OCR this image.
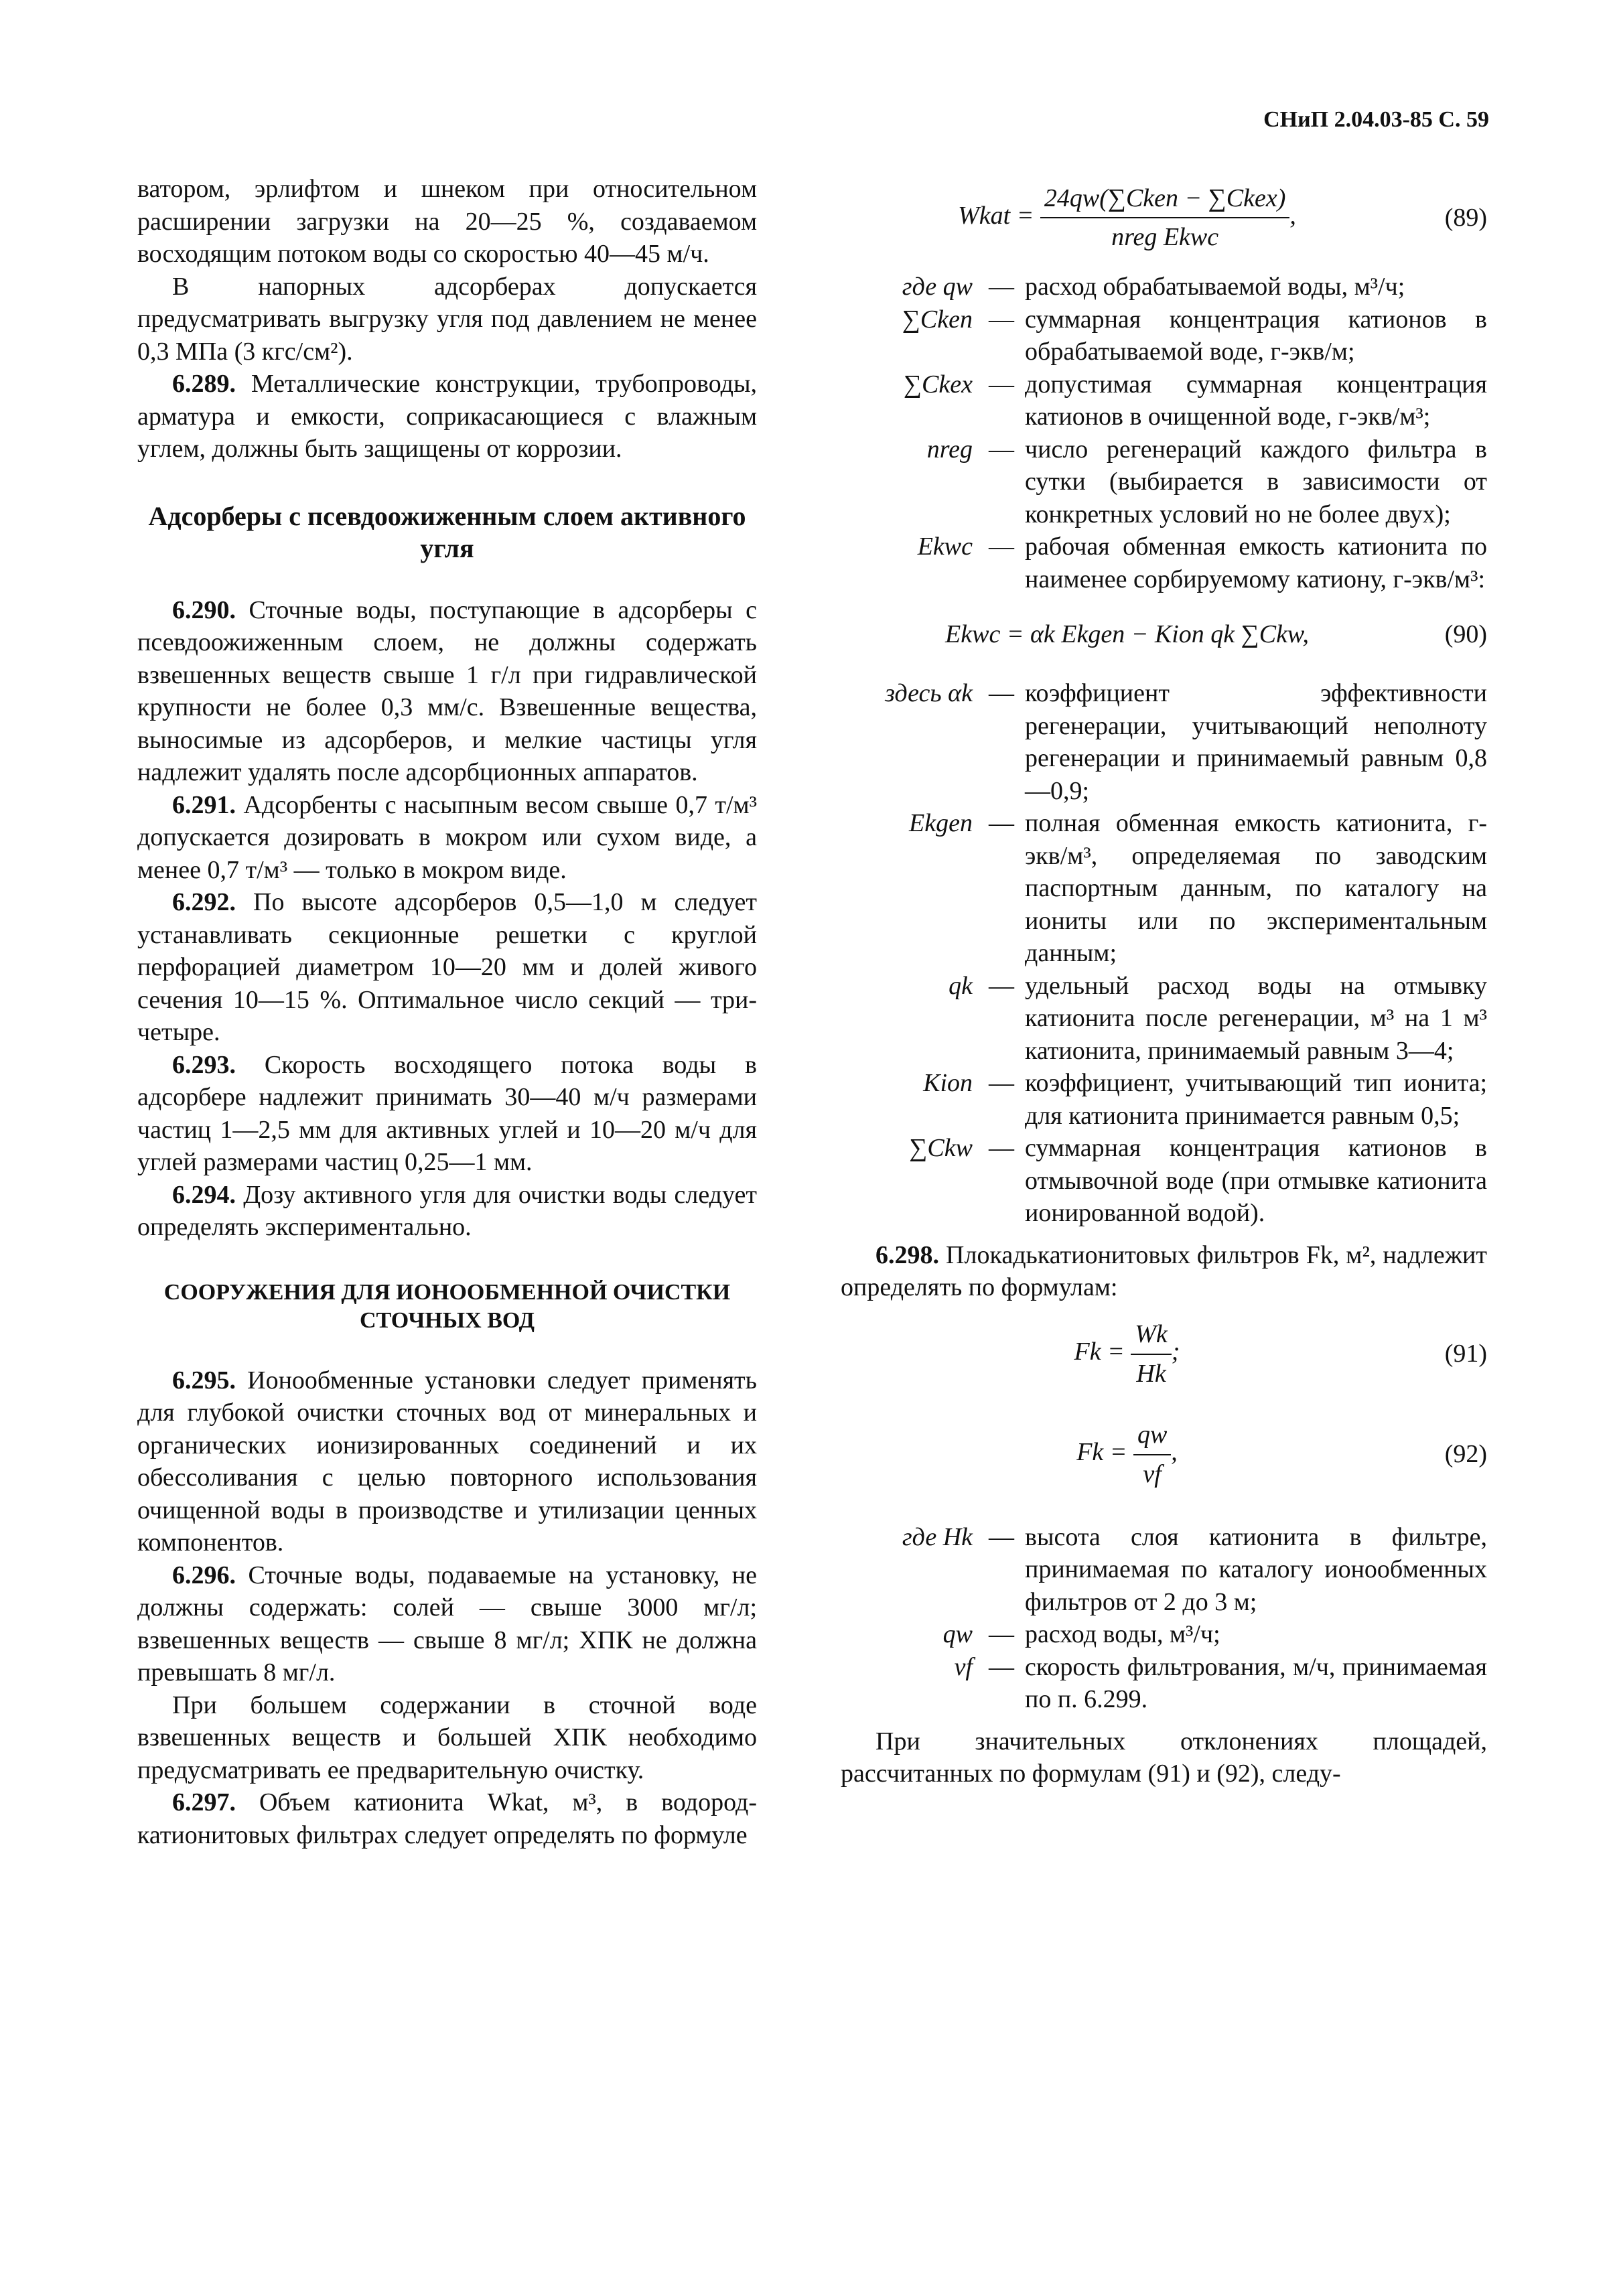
СНиП 2.04.03-85 С. 59

ватором, эрлифтом и шнеком при относительном расширении загрузки на 20—25 %, создаваемом восходящим потоком воды со скоростью 40—45 м/ч.

В напорных адсорберах допускается предусматривать выгрузку угля под давлением не менее 0,3 МПа (3 кгс/см²).

6.289. Металлические конструкции, трубопроводы, арматура и емкости, соприкасающиеся с влажным углем, должны быть защищены от коррозии.

Адсорберы с псевдоожиженным слоем активного угля

6.290. Сточные воды, поступающие в адсорберы с псевдоожиженным слоем, не должны содержать взвешенных веществ свыше 1 г/л при гидравлической крупности не более 0,3 мм/с. Взвешенные вещества, выносимые из адсорберов, и мелкие частицы угля надлежит удалять после адсорбционных аппаратов.

6.291. Адсорбенты с насыпным весом свыше 0,7 т/м³ допускается дозировать в мокром или сухом виде, а менее 0,7 т/м³ — только в мокром виде.

6.292. По высоте адсорберов 0,5—1,0 м следует устанавливать секционные решетки с круглой перфорацией диаметром 10—20 мм и долей живого сечения 10—15 %. Оптимальное число секций — три-четыре.

6.293. Скорость восходящего потока воды в адсорбере надлежит принимать 30—40 м/ч размерами частиц 1—2,5 мм для активных углей и 10—20 м/ч для углей размерами частиц 0,25—1 мм.

6.294. Дозу активного угля для очистки воды следует определять экспериментально.

СООРУЖЕНИЯ ДЛЯ ИОНООБМЕННОЙ ОЧИСТКИ СТОЧНЫХ ВОД

6.295. Ионообменные установки следует применять для глубокой очистки сточных вод от минеральных и органических ионизированных соединений и их обессоливания с целью повторного использования очищенной воды в производстве и утилизации ценных компонентов.

6.296. Сточные воды, подаваемые на установку, не должны содержать: солей — свыше 3000 мг/л; взвешенных веществ — свыше 8 мг/л; ХПК не должна превышать 8 мг/л.

При большем содержании в сточной воде взвешенных веществ и большей ХПК необходимо предусматривать ее предварительную очистку.

6.297. Объем катионита Wkat, м³, в водород-катионитовых фильтрах следует определять по формуле

Wkat = $\frac{\text{24qw(∑Cken − ∑Ckex)}}{\text{nreg Ekwc}}$ ,	(89)
где qw — расход обрабатываемой воды, м³/ч;
∑Cken — суммарная концентрация катионов в обрабатываемой воде, г-экв/м;
∑Ckex — допустимая суммарная концентрация катионов в очищенной воде, г-экв/м³;
nreg — число регенераций каждого фильтра в сутки (выбирается в зависимости от конкретных условий но не более двух);
Ekwc — рабочая обменная емкость катионита по наименее сорбируемому катиону, г-экв/м³:
Ekwc = αk Ekgen − Kion qk ∑Ckw,	(90)
здесь αk — коэффициент эффективности регенерации, учитывающий неполноту регенерации и принимаемый равным 0,8—0,9;
Ekgen — полная обменная емкость катионита, г-экв/м³, определяемая по заводским паспортным данным, по каталогу на иониты или по экспериментальным данным;
qk — удельный расход воды на отмывку катионита после регенерации, м³ на 1 м³ катионита, принимаемый равным 3—4;
Kion — коэффициент, учитывающий тип ионита; для катионита принимается равным 0,5;
∑Ckw — суммарная концентрация катионов в отмывочной воде (при отмывке катионита ионированной водой).

6.298. Плокадькатионитовых фильтров Fk, м², надлежит определять по формулам:

$Fk = \frac{Wk}{Hk}$ ;	(91)
$Fk = \frac{qw}{vf}$ ,	(92)
где Hk — высота слоя катионита в фильтре, принимаемая по каталогу ионообменных фильтров от 2 до 3 м;
qw — расход воды, м³/ч;
vf — скорость фильтрования, м/ч, принимаемая по п. 6.299.

При значительных отклонениях площадей, рассчитанных по формулам (91) и (92), следу-
